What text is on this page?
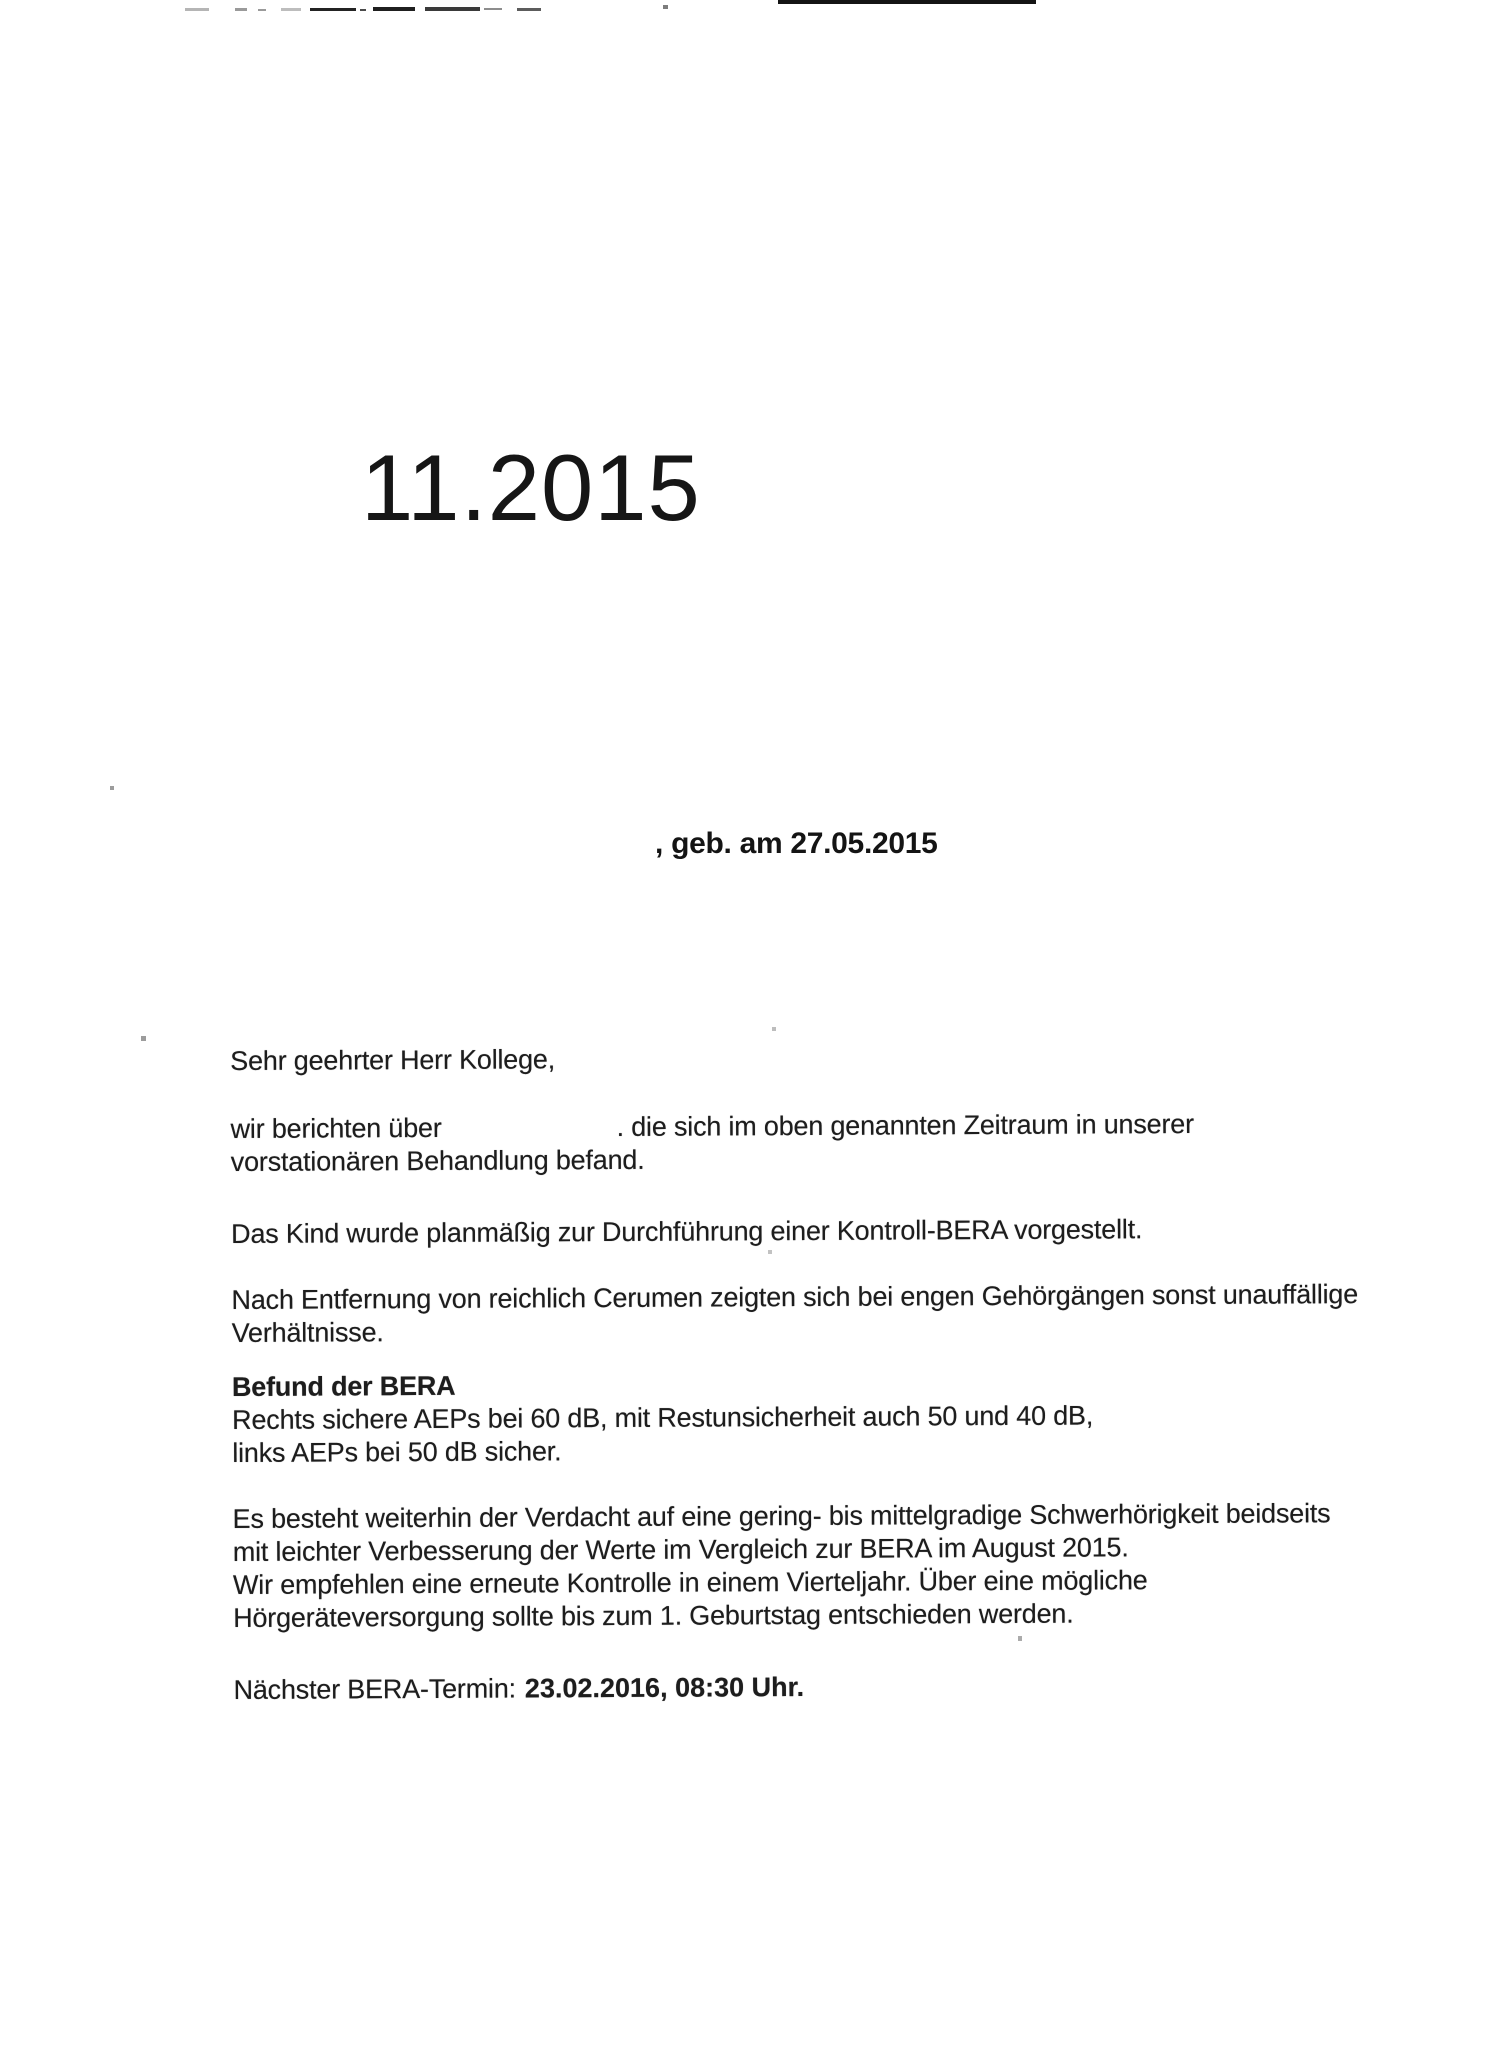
11.2015
, geb. am 27.05.2015
Sehr geehrter Herr Kollege,
wir berichten über	. die sich im oben genannten Zeitraum in unserer
vorstationären Behandlung befand.
Das Kind wurde planmäßig zur Durchführung einer Kontroll-BERA vorgestellt.
Nach Entfernung von reichlich Cerumen zeigten sich bei engen Gehörgängen sonst unauffällige
Verhältnisse.
Befund der BERA
Rechts sichere AEPs bei 60 dB, mit Restunsicherheit auch 50 und 40 dB,
links AEPs bei 50 dB sicher.
Es besteht weiterhin der Verdacht auf eine gering- bis mittelgradige Schwerhörigkeit beidseits
mit leichter Verbesserung der Werte im Vergleich zur BERA im August 2015.
Wir empfehlen eine erneute Kontrolle in einem Vierteljahr. Über eine mögliche
Hörgeräteversorgung sollte bis zum 1. Geburtstag entschieden werden.
Nächster BERA-Termin: 23.02.2016, 08:30 Uhr.
